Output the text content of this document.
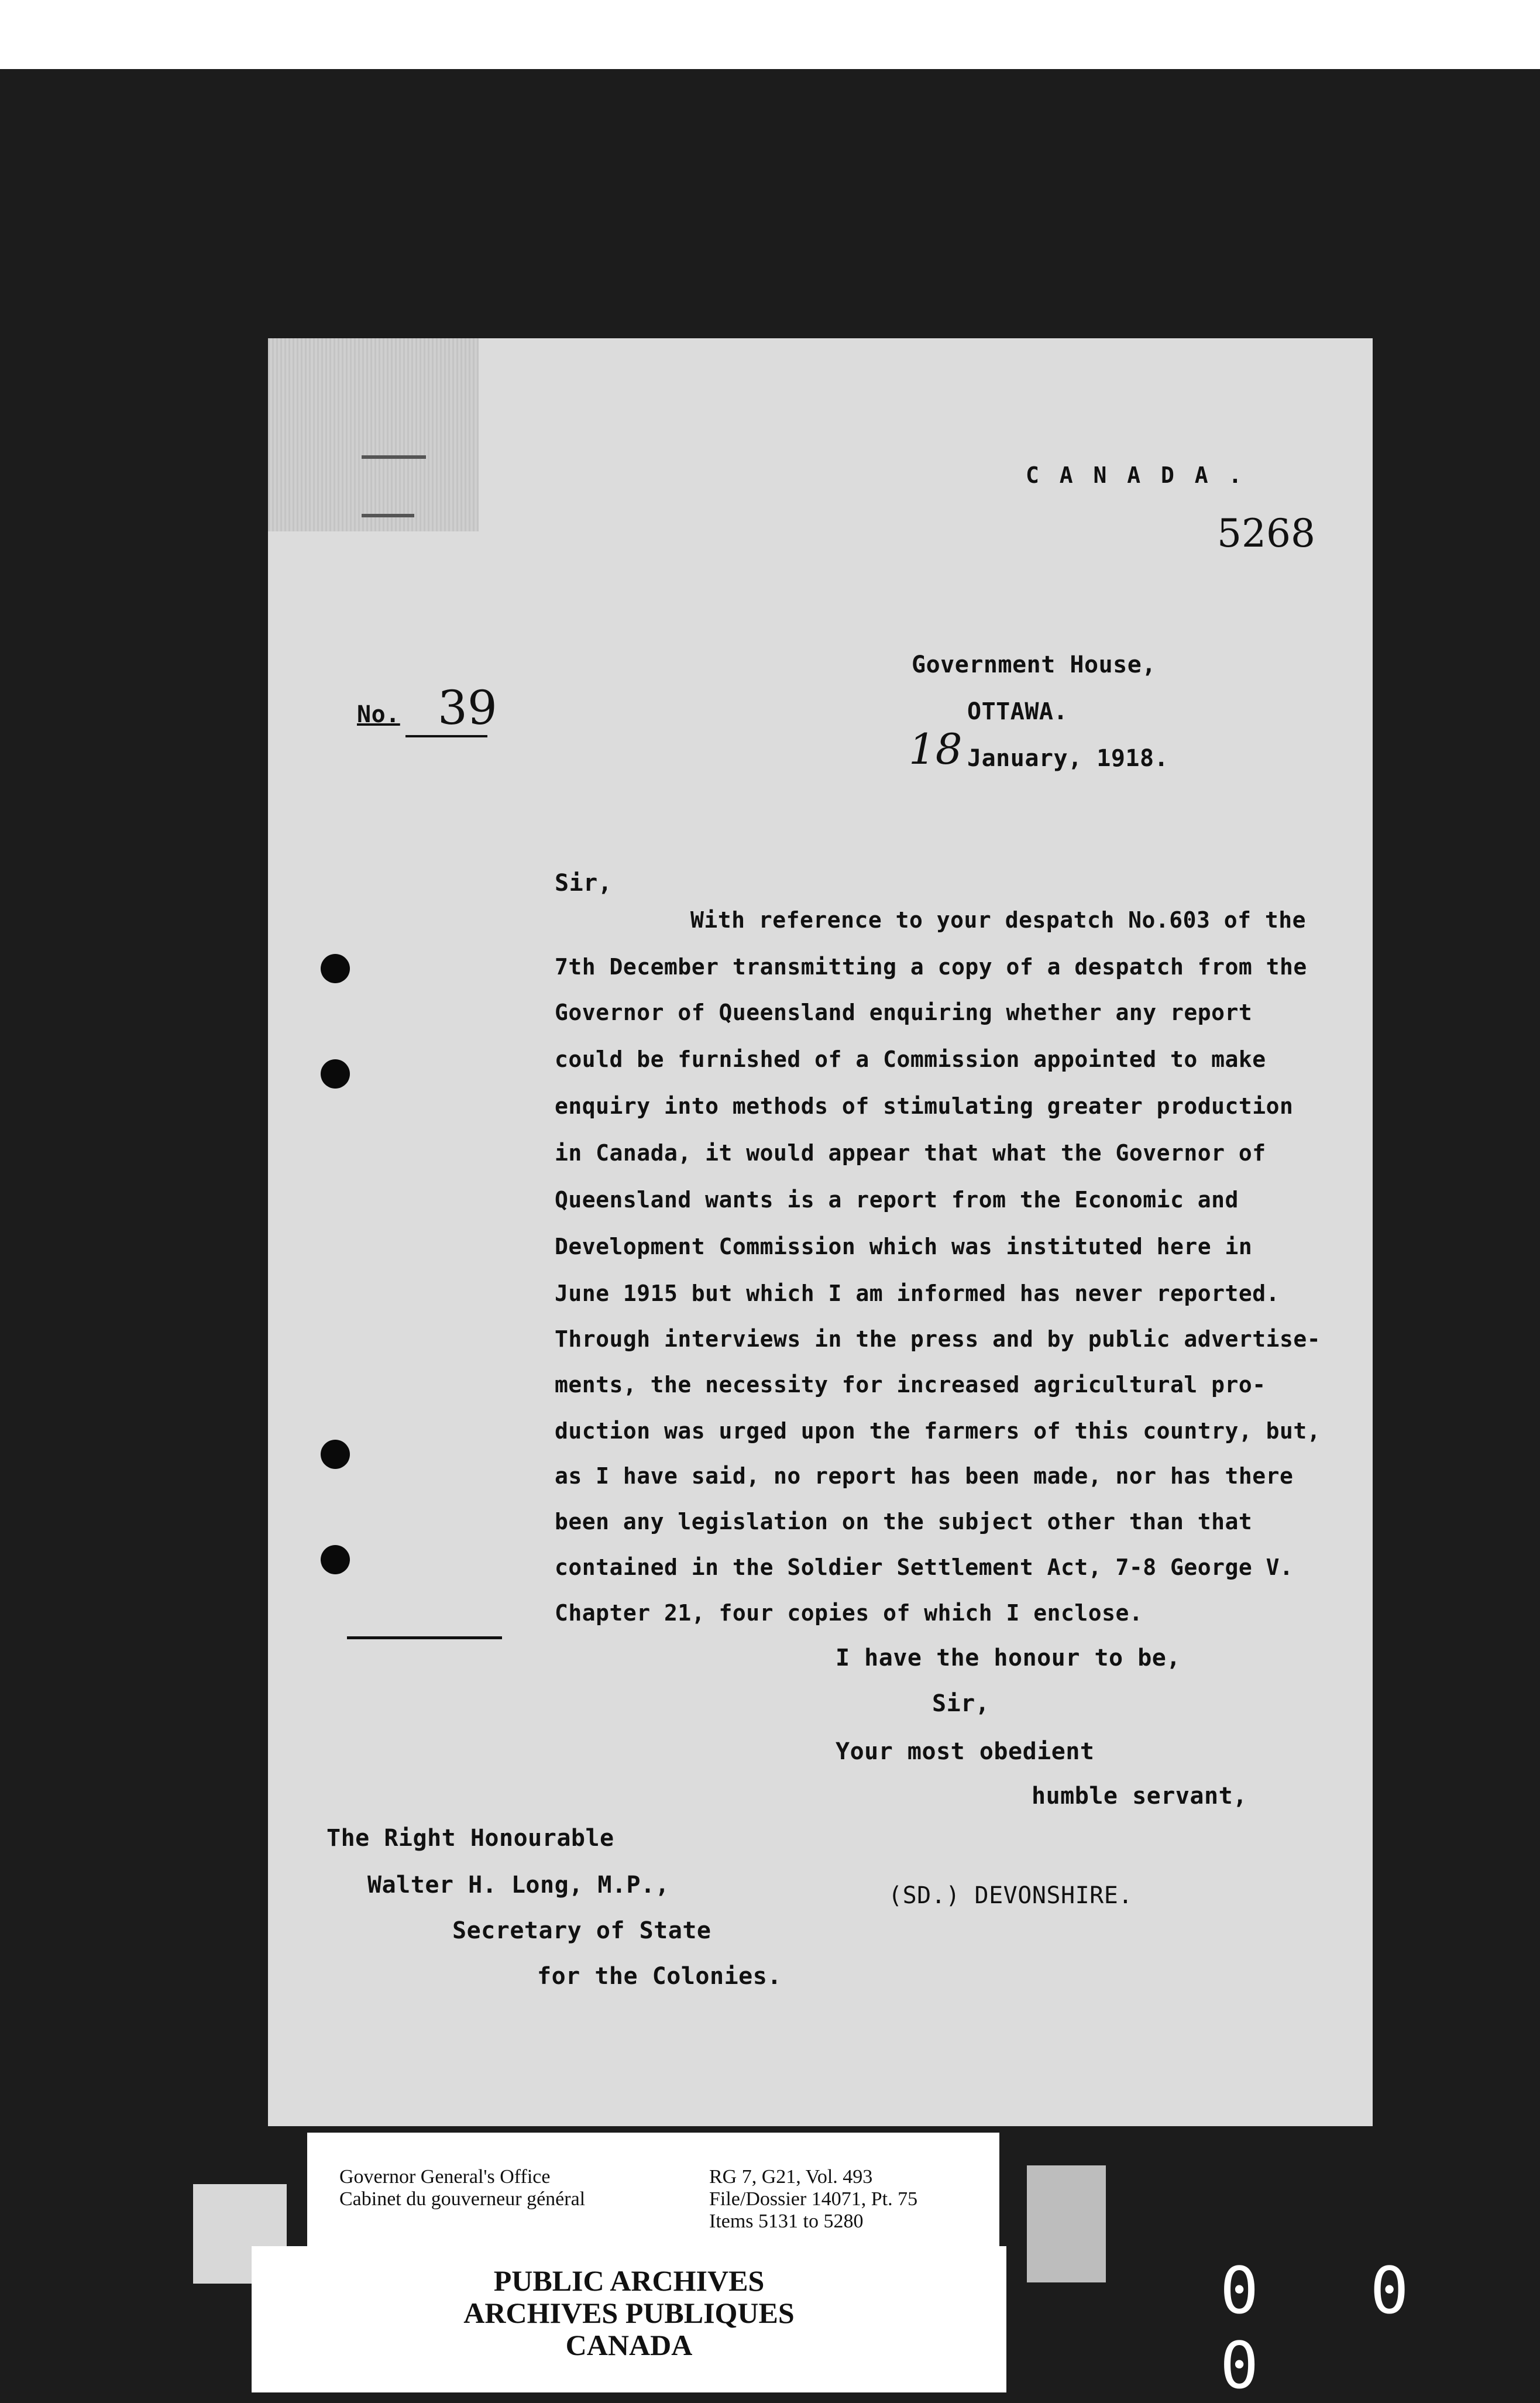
C A N A D A .
5268
Government House,
OTTAWA.
18 January, 1918.
No. 39
Sir,
With reference to your despatch No.603 of the
7th December transmitting a copy of a despatch from the
Governor of Queensland enquiring whether any report
could be furnished of a Commission appointed to make
enquiry into methods of stimulating greater production
in Canada, it would appear that what the Governor of
Queensland wants is a report from the Economic and
Development Commission which was instituted here in
June 1915 but which I am informed has never reported.
Through interviews in the press and by public advertise-
ments, the necessity for increased agricultural pro-
duction was urged upon the farmers of this country, but,
as I have said, no report has been made, nor has there
been any legislation on the subject other than that
contained in the Soldier Settlement Act, 7-8 George V.
Chapter 21, four copies of which I enclose.
I have the honour to be,
Sir,
Your most obedient
humble servant,
(SD.) DEVONSHIRE.
The Right Honourable
Walter H. Long, M.P.,
Secretary of State
for the Colonies.
Governor General's Office
Cabinet du gouverneur général
RG 7, G21, Vol. 493
File/Dossier 14071, Pt. 75
Items 5131 to 5280
PUBLIC ARCHIVES
ARCHIVES PUBLIQUES
CANADA
0 0 0
